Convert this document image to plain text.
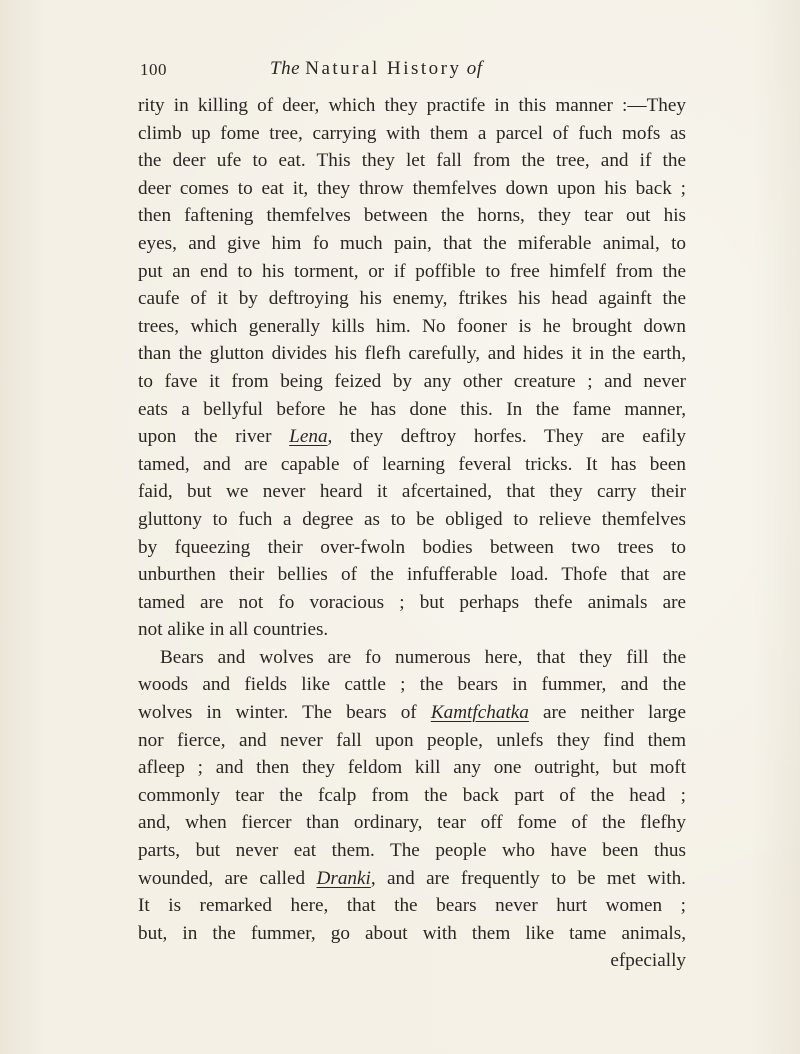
100	The Natural History of
rity in killing of deer, which they practife in this manner :—They
climb up fome tree, carrying with them a parcel of fuch mofs as
the deer ufe to eat. This they let fall from the tree, and if the
deer comes to eat it, they throw themfelves down upon his back ;
then faftening themfelves between the horns, they tear out his
eyes, and give him fo much pain, that the miferable animal, to
put an end to his torment, or if poffible to free himfelf from the
caufe of it by deftroying his enemy, ftrikes his head againft the
trees, which generally kills him. No fooner is he brought down
than the glutton divides his flefh carefully, and hides it in the earth,
to fave it from being feized by any other creature ; and never
eats a bellyful before he has done this. In the fame manner,
upon the river Lena, they deftroy horfes. They are eafily
tamed, and are capable of learning feveral tricks. It has been
faid, but we never heard it afcertained, that they carry their
gluttony to fuch a degree as to be obliged to relieve themfelves
by fqueezing their over-fwoln bodies between two trees to
unburthen their bellies of the infufferable load. Thofe that are
tamed are not fo voracious ; but perhaps thefe animals are
not alike in all countries.
Bears and wolves are fo numerous here, that they fill the
woods and fields like cattle ; the bears in fummer, and the
wolves in winter. The bears of Kamtfchatka are neither large
nor fierce, and never fall upon people, unlefs they find them
afleep ; and then they feldom kill any one outright, but moft
commonly tear the fcalp from the back part of the head ;
and, when fiercer than ordinary, tear off fome of the flefhy
parts, but never eat them. The people who have been thus
wounded, are called Dranki, and are frequently to be met with.
It is remarked here, that the bears never hurt women ;
but, in the fummer, go about with them like tame animals,
efpecially
